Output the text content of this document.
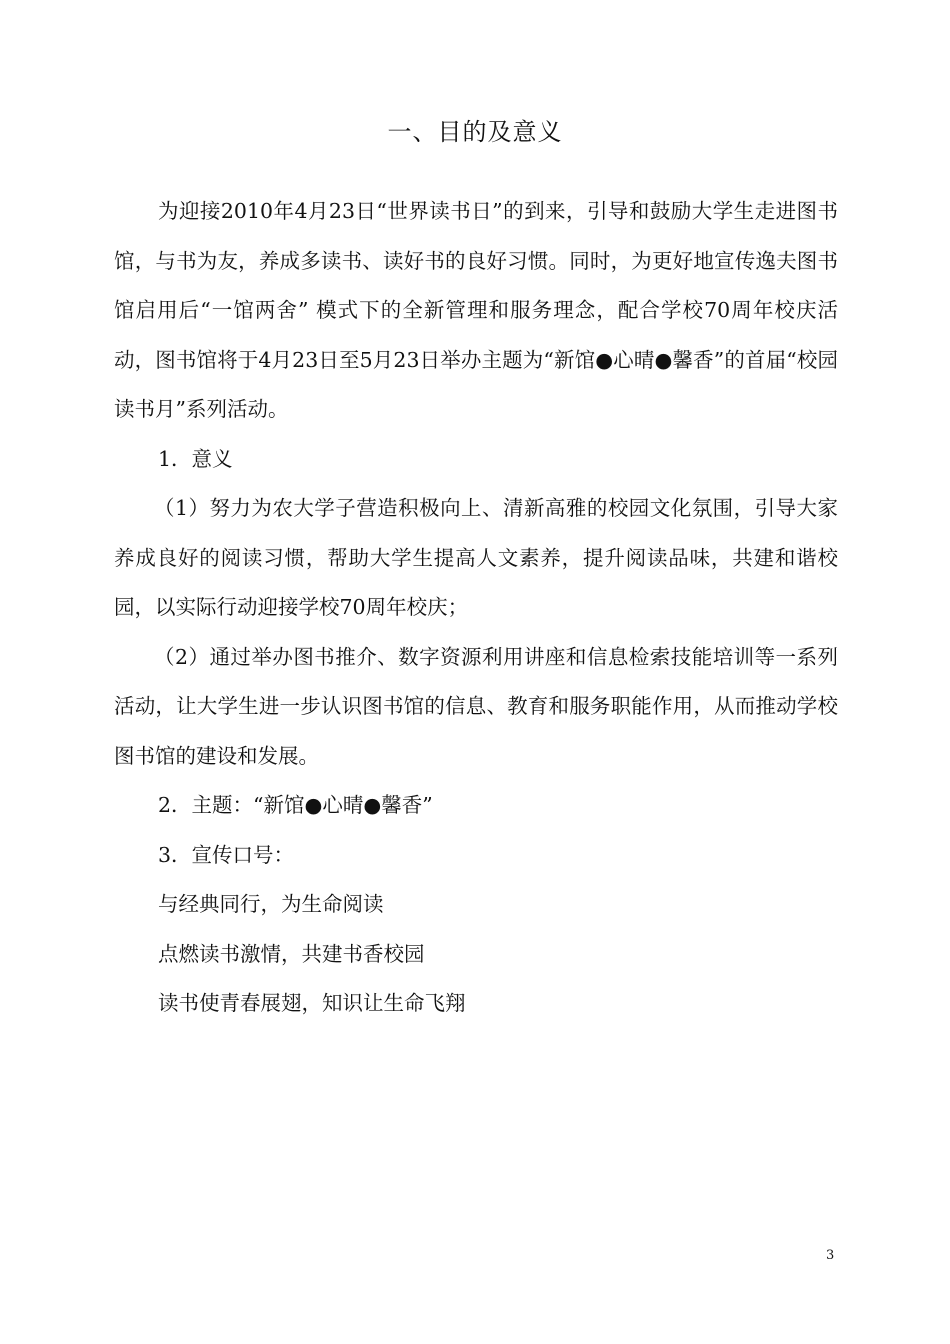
一、目的及意义

为迎接2010年4月23日“世界读书日”的到来，引导和鼓励大学生走进图书馆，与书为友，养成多读书、读好书的良好习惯。同时，为更好地宣传逸夫图书馆启用后“一馆两舍” 模式下的全新管理和服务理念，配合学校70周年校庆活动，图书馆将于4月23日至5月23日举办主题为“新馆●心晴●馨香”的首届“校园读书月”系列活动。

1．意义

（1）努力为农大学子营造积极向上、清新高雅的校园文化氛围，引导大家养成良好的阅读习惯，帮助大学生提高人文素养，提升阅读品味，共建和谐校园，以实际行动迎接学校70周年校庆；

（2）通过举办图书推介、数字资源利用讲座和信息检索技能培训等一系列活动，让大学生进一步认识图书馆的信息、教育和服务职能作用，从而推动学校图书馆的建设和发展。

2．主题：“新馆●心晴●馨香”

3．宣传口号：

与经典同行，为生命阅读

点燃读书激情，共建书香校园

读书使青春展翅，知识让生命飞翔

3
